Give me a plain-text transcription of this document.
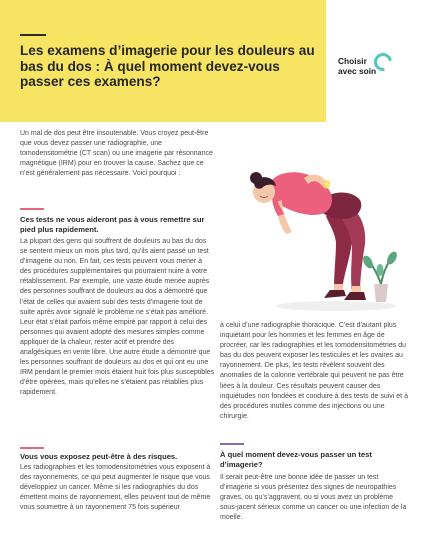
Les examens d’imagerie pour les douleurs au bas du dos : À quel moment devez-vous passer ces examens?
Choisir
avec soin
Un mal de dos peut être insoutenable. Vous croyez peut-être que vous devez passer une radiographie, une tomodensitométrie (CT scan) ou une imagerie par résonnance magnétique (IRM) pour en trouver la cause. Sachez que ce n’est généralement pas nécessaire. Voici pourquoi :
Ces tests ne vous aideront pas à vous remettre sur pied plus rapidement.
La plupart des gens qui souffrent de douleurs au bas du dos se sentent mieux un mois plus tard, qu’ils aient passé un test d’imagerie ou non. En fait, ces tests peuvent vous mener à des procédures supplémentaires qui pourraient nuire à votre rétablissement. Par exemple, une vaste étude menée auprès des personnes souffrant de douleurs au dos a démontré que l’état de celles qui avaient subi des tests d’imagerie tout de suite après avoir signalé le problème ne s’était pas amélioré. Leur état s’était parfois même empiré par rapport à celui des personnes qui avaient adopté des mesures simples comme appliquer de la chaleur, rester actif et prendre des analgésiques en vente libre. Une autre étude a démontré que les personnes souffrant de douleurs au dos et qui ont eu une IRM pendant le premier mois étaient huit fois plus susceptibles d’être opérées, mais qu’elles ne s’étaient pas rétablies plus rapidement.
Vous vous exposez peut-être à des risques.
Les radiographies et les tomodensitométries vous exposent à des rayonnements, ce qui peut augmenter le risque que vous développiez un cancer. Même si les radiographies du dos émettent moins de rayonnement, elles peuvent tout de même vous soumettre à un rayonnement 75 fois supérieur
à celui d’une radiographie thoracique. C’est d’autant plus inquiétant pour les hommes et les femmes en âge de procréer, car les radiographies et les tomodensitométries du bas du dos peuvent exposer les testicules et les ovaires au rayonnement. De plus, les tests révèlent souvent des anomalies de la colonne vertébrale qui peuvent ne pas être liées à la douleur. Ces résultats peuvent causer des inquiétudes non fondées et conduire à des tests de suivi et à des procédures inutiles comme des injections ou une chirurgie.
À quel moment devez-vous passer un test d’imagerie?
Il serait peut-être une bonne idée de passer un test d’imagerie si vous présentez des signes de neuropathies graves, ou qu’s’aggravent, ou si vous avez un problème sous-jacent sérieux comme un cancer ou une infection de la moelle.
